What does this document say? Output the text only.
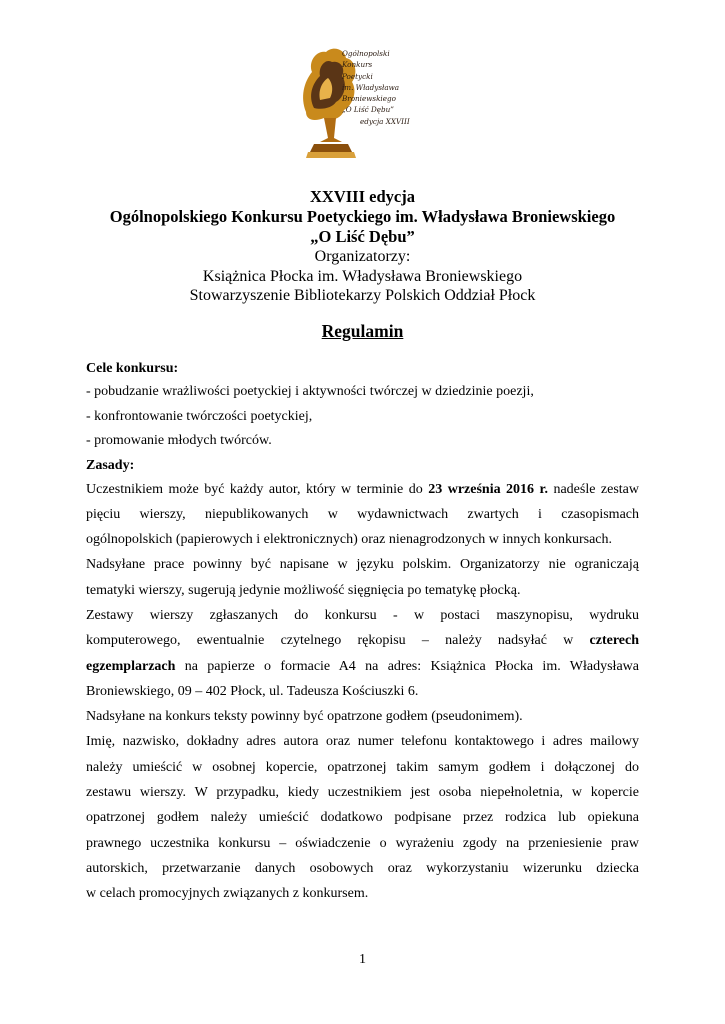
Ogólnopolski
Konkurs
Poetycki
im. Władysława
Broniewskiego
„O Liść Dębu”
edycja XXVIII
XXVIII edycja
Ogólnopolskiego Konkursu Poetyckiego im. Władysława Broniewskiego
„O Liść Dębu”
Organizatorzy:
Książnica Płocka im. Władysława Broniewskiego
Stowarzyszenie Bibliotekarzy Polskich Oddział Płock
Regulamin
Cele konkursu:
- pobudzanie wrażliwości poetyckiej i aktywności twórczej w dziedzinie poezji,
- konfrontowanie twórczości poetyckiej,
- promowanie młodych twórców.
Zasady:
Uczestnikiem może być każdy autor, który w terminie do 23 września 2016 r. nadeśle zestaw
pięciu wierszy, niepublikowanych w wydawnictwach zwartych i czasopismach
ogólnopolskich (papierowych i elektronicznych) oraz nienagrodzonych w innych konkursach.
Nadsyłane prace powinny być napisane w języku polskim. Organizatorzy nie ograniczają
tematyki wierszy, sugerują jedynie możliwość sięgnięcia po tematykę płocką.
Zestawy wierszy zgłaszanych do konkursu - w postaci maszynopisu, wydruku
komputerowego, ewentualnie czytelnego rękopisu – należy nadsyłać w czterech
egzemplarzach na papierze o formacie A4 na adres: Książnica Płocka im. Władysława
Broniewskiego, 09 – 402 Płock, ul. Tadeusza Kościuszki 6.
Nadsyłane na konkurs teksty powinny być opatrzone godłem (pseudonimem).
Imię, nazwisko, dokładny adres autora oraz numer telefonu kontaktowego i adres mailowy
należy umieścić w osobnej kopercie, opatrzonej takim samym godłem i dołączonej do
zestawu wierszy. W przypadku, kiedy uczestnikiem jest osoba niepełnoletnia, w kopercie
opatrzonej godłem należy umieścić dodatkowo podpisane przez rodzica lub opiekuna
prawnego uczestnika konkursu – oświadczenie o wyrażeniu zgody na przeniesienie praw
autorskich, przetwarzanie danych osobowych oraz wykorzystaniu wizerunku dziecka
w celach promocyjnych związanych z konkursem.
1
